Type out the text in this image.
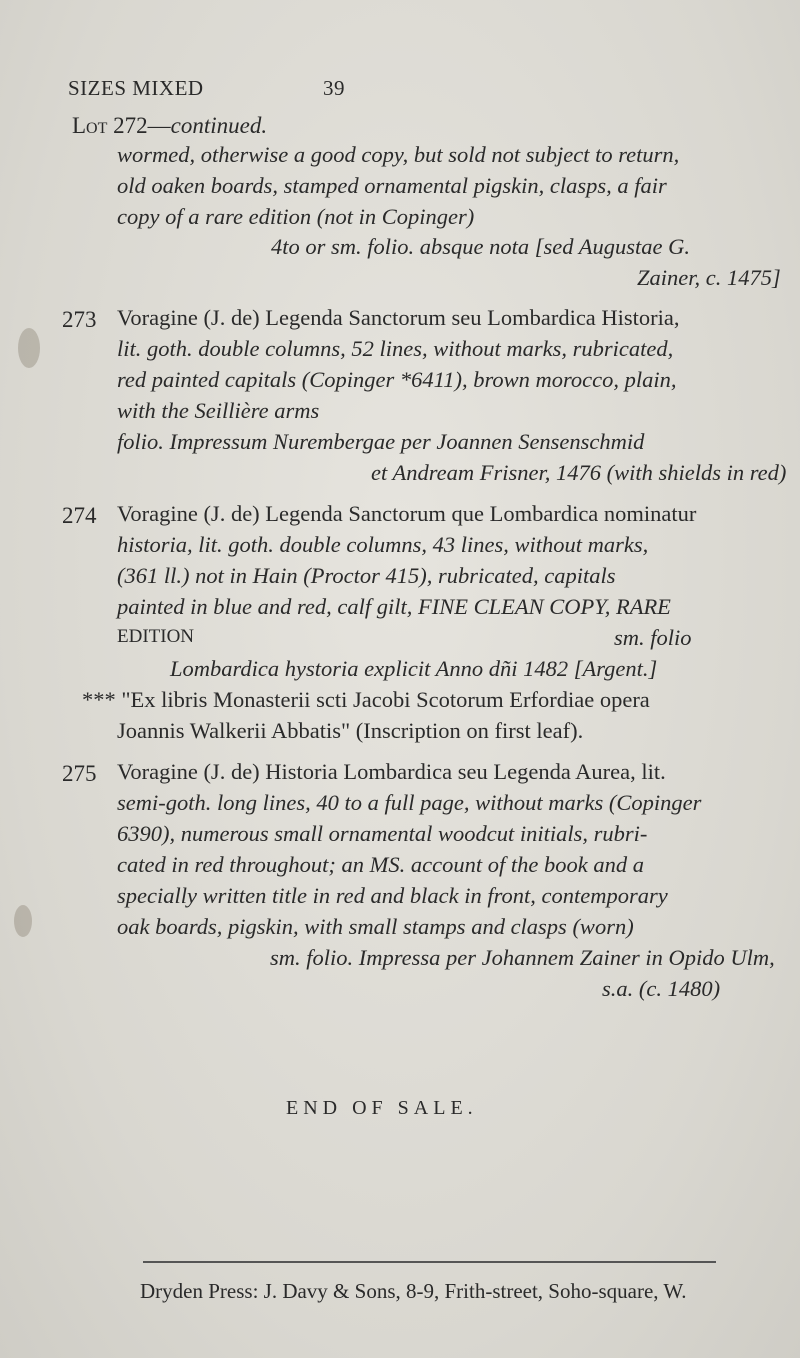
SIZES MIXED	39
Lot 272—continued.
wormed, otherwise a good copy, but sold not subject to return,
old oaken boards, stamped ornamental pigskin, clasps, a fair
copy of a rare edition (not in Copinger)
4to or sm. folio. absque nota [sed Augustae G.
Zainer, c. 1475]
273 Voragine (J. de) Legenda Sanctorum seu Lombardica Historia,
lit. goth. double columns, 52 lines, without marks, rubricated,
red painted capitals (Copinger *6411), brown morocco, plain,
with the Seillière arms
folio. Impressum Nurembergae per Joannen Sensenschmid
et Andream Frisner, 1476 (with shields in red)
274 Voragine (J. de) Legenda Sanctorum que Lombardica nominatur
historia, lit. goth. double columns, 43 lines, without marks,
(361 ll.) not in Hain (Proctor 415), rubricated, capitals
painted in blue and red, calf gilt, FINE CLEAN COPY, RARE
EDITION	sm. folio
Lombardica hystoria explicit Anno dñi 1482 [Argent.]
*** "Ex libris Monasterii scti Jacobi Scotorum Erfordiae opera
Joannis Walkerii Abbatis" (Inscription on first leaf).
275 Voragine (J. de) Historia Lombardica seu Legenda Aurea, lit.
semi-goth. long lines, 40 to a full page, without marks (Copinger
6390), numerous small ornamental woodcut initials, rubri-
cated in red throughout; an MS. account of the book and a
specially written title in red and black in front, contemporary
oak boards, pigskin, with small stamps and clasps (worn)
sm. folio. Impressa per Johannem Zainer in Opido Ulm,
s.a. (c. 1480)
END OF SALE.
Dryden Press: J. Davy & Sons, 8-9, Frith-street, Soho-square, W.
